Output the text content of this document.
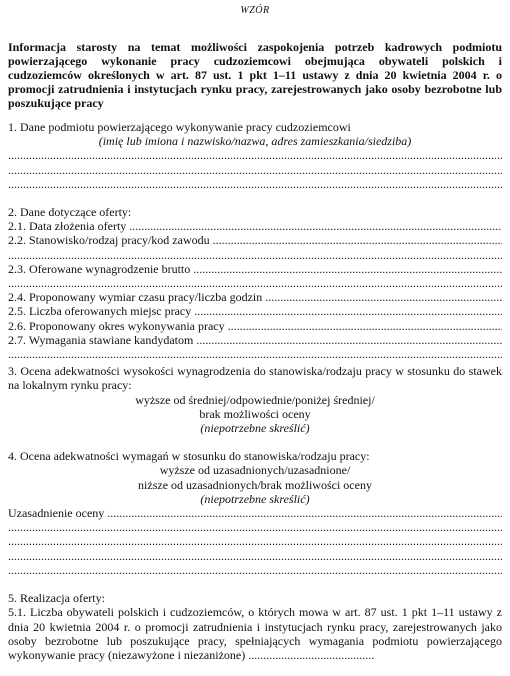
WZÓR
Informacja starosty na temat możliwości zaspokojenia potrzeb kadrowych podmiotu powierzającego wykonanie pracy cudzoziemcowi obejmująca obywateli polskich i cudzoziemców określonych w art. 87 ust. 1 pkt 1–11 ustawy z dnia 20 kwietnia 2004 r. o promocji zatrudnienia i instytucjach rynku pracy, zarejestrowanych jako osoby bezrobotne lub poszukujące pracy
1. Dane podmiotu powierzającego wykonywanie pracy cudzoziemcowi
(imię lub imiona i nazwisko/nazwa, adres zamieszkania/siedziba)
.....
.....
.....
2. Dane dotyczące oferty:
2.1. Data złożenia oferty .....
2.2. Stanowisko/rodzaj pracy/kod zawodu .....
.....
2.3. Oferowane wynagrodzenie brutto .....
.....
2.4. Proponowany wymiar czasu pracy/liczba godzin .....
2.5. Liczba oferowanych miejsc pracy .....
2.6. Proponowany okres wykonywania pracy .....
2.7. Wymagania stawiane kandydatom .....
.....
3. Ocena adekwatności wysokości wynagrodzenia do stanowiska/rodzaju pracy w stosunku do stawek na lokalnym rynku pracy:
wyższe od średniej/odpowiednie/poniżej średniej/
brak możliwości oceny
(niepotrzebne skreślić)
4. Ocena adekwatności wymagań w stosunku do stanowiska/rodzaju pracy:
wyższe od uzasadnionych/uzasadnione/
niższe od uzasadnionych/brak możliwości oceny
(niepotrzebne skreślić)
Uzasadnienie oceny .....
.....
.....
.....
.....
5. Realizacja oferty:
5.1. Liczba obywateli polskich i cudzoziemców, o których mowa w art. 87 ust. 1 pkt 1–11 ustawy z dnia 20 kwietnia 2004 r. o promocji zatrudnienia i instytucjach rynku pracy, zarejestrowanych jako osoby bezrobotne lub poszukujące pracy, spełniających wymagania podmiotu powierzającego wykonywanie pracy (niezawyżone i niezaniżone) ..........................................
